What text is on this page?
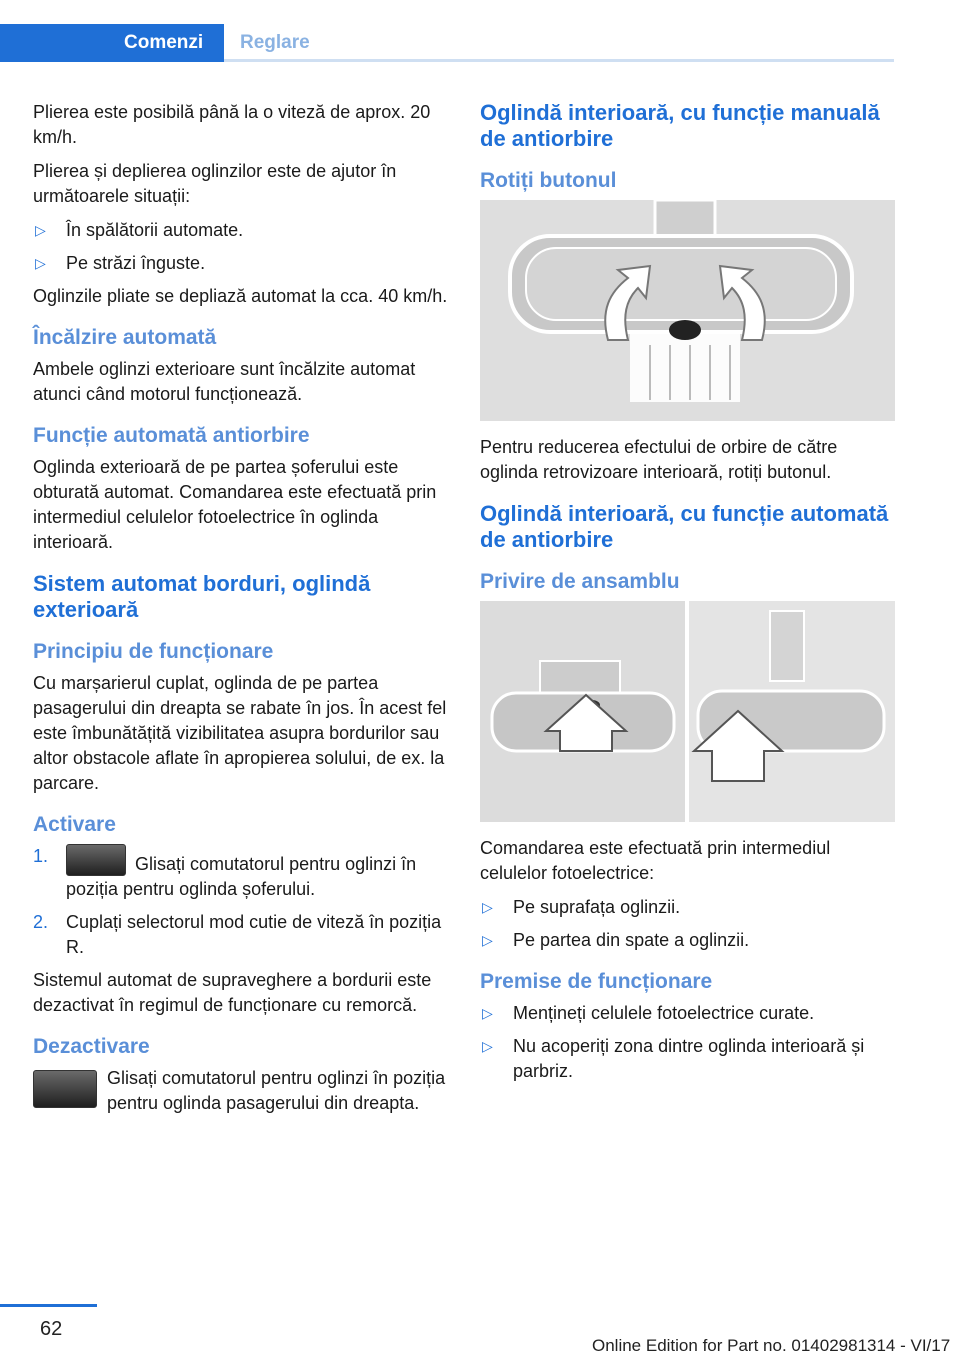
Comenzi Reglare

Plierea este posibilă până la o viteză de aprox. 20 km/h.

Plierea și deplierea oglinzilor este de ajutor în următoarele situații:

▷ În spălătorii automate.
▷ Pe străzi înguste.

Oglinzile pliate se depliază automat la cca. 40 km/h.

Încălzire automată

Ambele oglinzi exterioare sunt încălzite automat atunci când motorul funcționează.

Funcție automată antiorbire

Oglinda exterioară de pe partea șoferului este obturată automat. Comandarea este efectuată prin intermediul celulelor fotoelectrice în oglinda interioară.

Sistem automat borduri, oglindă exterioară
Principiu de funcționare

Cu marșarierul cuplat, oglinda de pe partea pasagerului din dreapta se rabate în jos. În acest fel este îmbunătățită vizibilitatea asupra bordurilor sau altor obstacole aflate în apropierea solului, de ex. la parcare.

Activare
1.	Glisați comutatorul pentru oglinzi în poziția pentru oglinda șoferului.
2. Cuplați selectorul mod cutie de viteză în poziția R.

Sistemul automat de supraveghere a bordurii este dezactivat în regimul de funcționare cu remorcă.

Dezactivare
Glisați comutatorul pentru oglinzi în poziția pentru oglinda pasagerului din dreapta.
Oglindă interioară, cu funcție manuală de antiorbire
Rotiți butonul

Pentru reducerea efectului de orbire de către oglinda retrovizoare interioară, rotiți butonul.

Oglindă interioară, cu funcție automată de antiorbire
Privire de ansamblu

Comandarea este efectuată prin intermediul celulelor fotoelectrice:

▷ Pe suprafața oglinzii.
▷ Pe partea din spate a oglinzii.
Premise de funcționare
▷ Mențineți celulele fotoelectrice curate.
▷ Nu acoperiți zona dintre oglinda interioară și parbriz.
62
Online Edition for Part no. 01402981314 - VI/17
